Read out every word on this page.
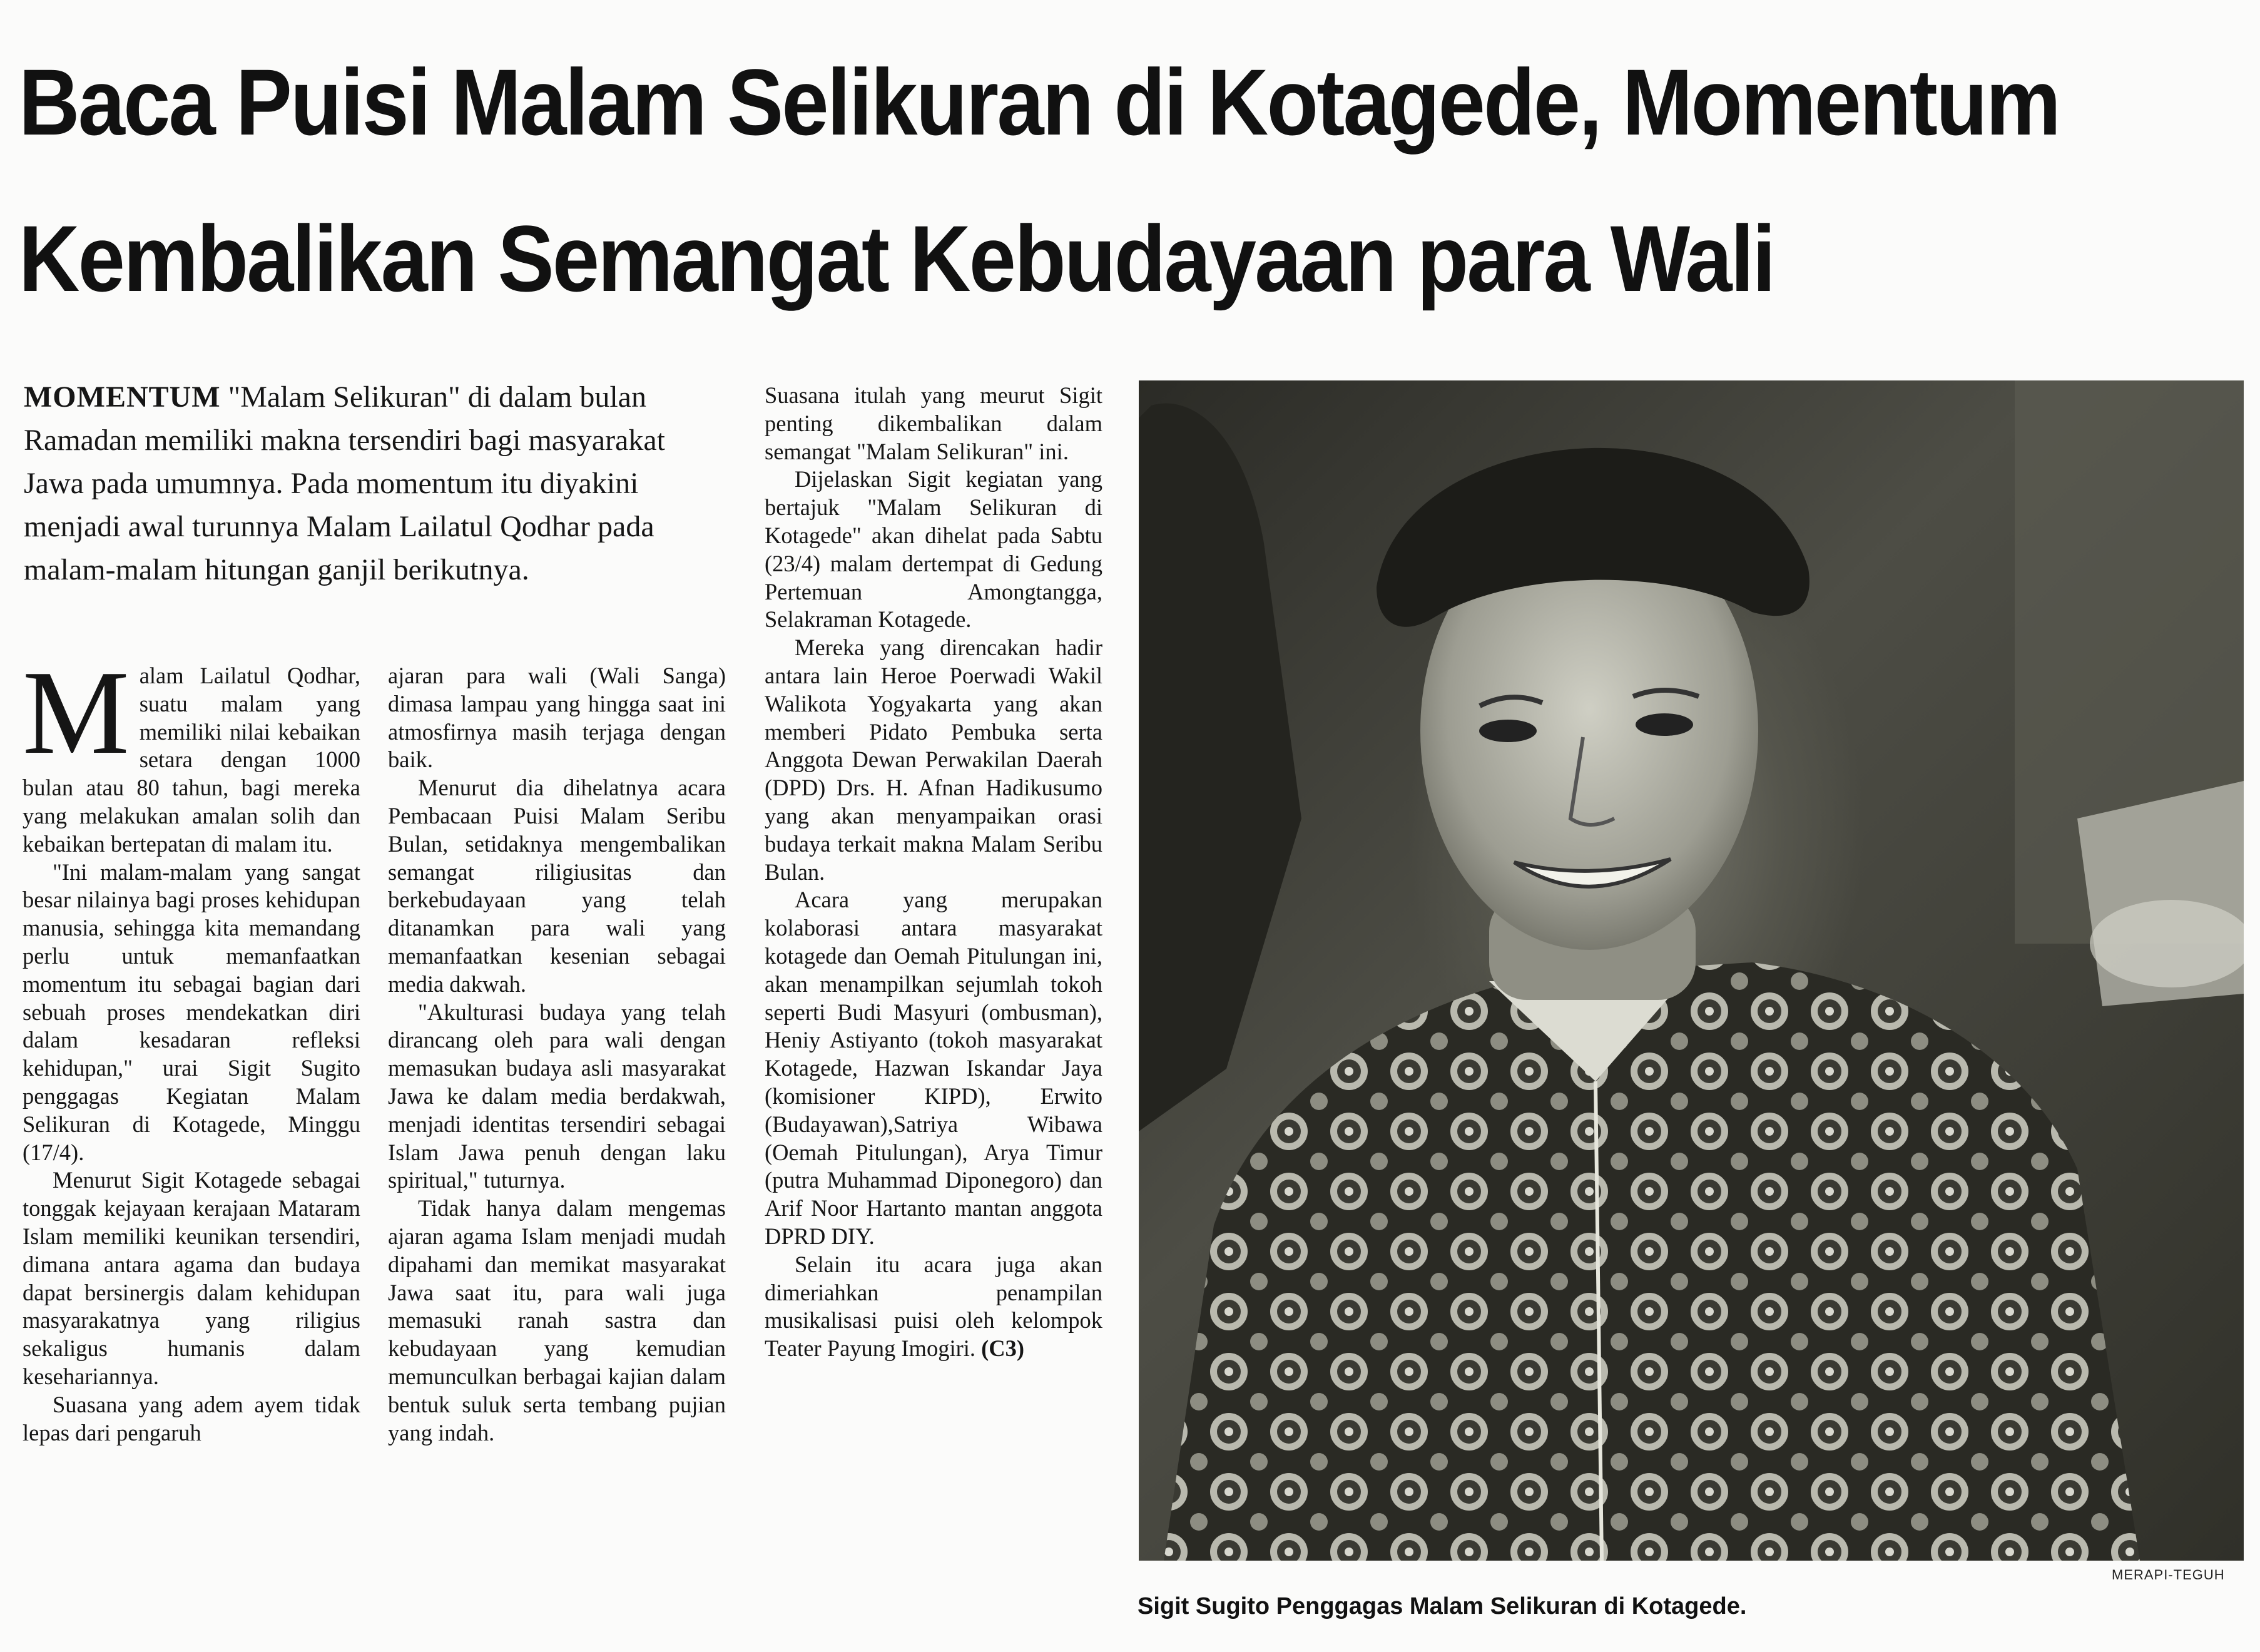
Baca Puisi Malam Selikuran di Kotagede, Momentum
Kembalikan Semangat Kebudayaan para Wali

MOMENTUM "Malam Selikuran" di dalam bulan Ramadan memiliki makna tersendiri bagi masyarakat Jawa pada umumnya. Pada momentum itu diyakini menjadi awal turunnya Malam Lailatul Qodhar pada malam-malam hitungan ganjil berikutnya.

Malam Lailatul Qodhar, suatu malam yang memiliki nilai kebaikan setara dengan 1000 bulan atau 80 tahun, bagi mereka yang melakukan amalan solih dan kebaikan bertepatan di malam itu.

"Ini malam-malam yang sangat besar nilainya bagi proses kehidupan manusia, sehingga kita memandang perlu untuk memanfaatkan momentum itu sebagai bagian dari sebuah proses mendekatkan diri dalam kesadaran refleksi kehidupan," urai Sigit Sugito penggagas Kegiatan Malam Selikuran di Kotagede, Minggu (17/4).

Menurut Sigit Kotagede sebagai tonggak kejayaan kerajaan Mataram Islam memiliki keunikan tersendiri, dimana antara agama dan budaya dapat bersinergis dalam kehidupan masyarakatnya yang riligius sekaligus humanis dalam kesehariannya.

Suasana yang adem ayem tidak lepas dari pengaruh

ajaran para wali (Wali Sanga) dimasa lampau yang hingga saat ini atmosfirnya masih terjaga dengan baik.

Menurut dia dihelatnya acara Pembacaan Puisi Malam Seribu Bulan, setidaknya mengembalikan semangat riligiusitas dan berkebudayaan yang telah ditanamkan para wali yang memanfaatkan kesenian sebagai media dakwah.

"Akulturasi budaya yang telah dirancang oleh para wali dengan memasukan budaya asli masyarakat Jawa ke dalam media berdakwah, menjadi identitas tersendiri sebagai Islam Jawa penuh dengan laku spiritual," tuturnya.

Tidak hanya dalam mengemas ajaran agama Islam menjadi mudah dipahami dan memikat masyarakat Jawa saat itu, para wali juga memasuki ranah sastra dan kebudayaan yang kemudian memunculkan berbagai kajian dalam bentuk suluk serta tembang pujian yang indah.

Suasana itulah yang meurut Sigit penting dikembalikan dalam semangat "Malam Selikuran" ini.

Dijelaskan Sigit kegiatan yang bertajuk "Malam Selikuran di Kotagede" akan dihelat pada Sabtu (23/4) malam dertempat di Gedung Pertemuan Amongtangga, Selakraman Kotagede.

Mereka yang direncakan hadir antara lain Heroe Poerwadi Wakil Walikota Yogyakarta yang akan memberi Pidato Pembuka serta Anggota Dewan Perwakilan Daerah (DPD) Drs. H. Afnan Hadikusumo yang akan menyampaikan orasi budaya terkait makna Malam Seribu Bulan.

Acara yang merupakan kolaborasi antara masyarakat kotagede dan Oemah Pitulungan ini, akan menampilkan sejumlah tokoh seperti Budi Masyuri (ombusman), Heniy Astiyanto (tokoh masyarakat Kotagede, Hazwan Iskandar Jaya (komisioner KIPD), Erwito (Budayawan),Satriya Wibawa (Oemah Pitulungan), Arya Timur (putra Muhammad Diponegoro) dan Arif Noor Hartanto mantan anggota DPRD DIY.

Selain itu acara juga akan dimeriahkan penampilan musikalisasi puisi oleh kelompok Teater Payung Imogiri. (C3)

MERAPI-TEGUH
Sigit Sugito Penggagas Malam Selikuran di Kotagede.
